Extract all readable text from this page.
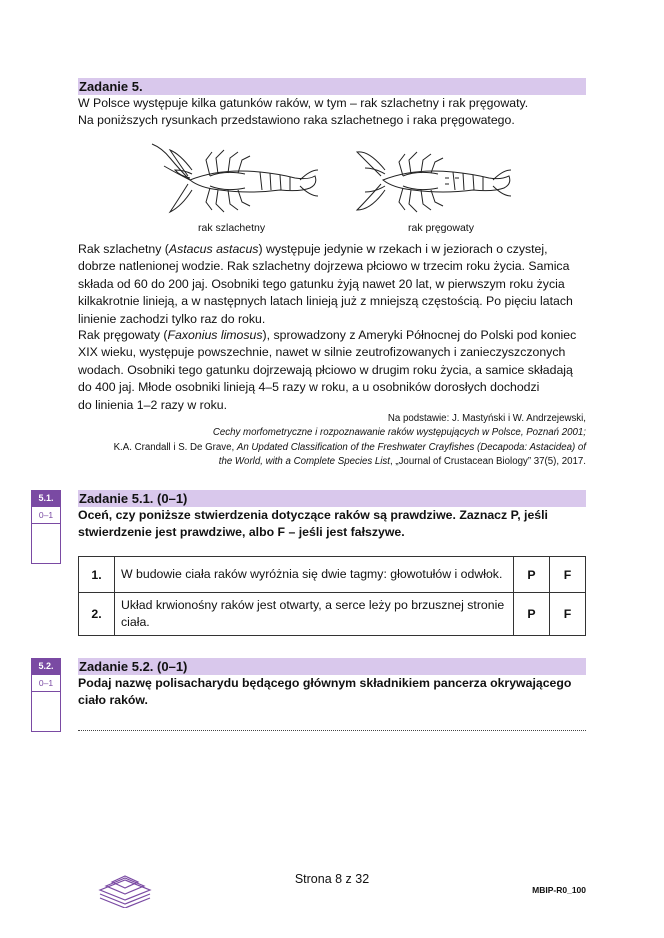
Zadanie 5.
W Polsce występuje kilka gatunków raków, w tym – rak szlachetny i rak pręgowaty.
Na poniższych rysunkach przedstawiono raka szlachetnego i raka pręgowatego.
rak szlachetny	rak pręgowaty
Rak szlachetny (Astacus astacus) występuje jedynie w rzekach i w jeziorach o czystej,
dobrze natlenionej wodzie. Rak szlachetny dojrzewa płciowo w trzecim roku życia. Samica
składa od 60 do 200 jaj. Osobniki tego gatunku żyją nawet 20 lat, w pierwszym roku życia
kilkakrotnie linieją, a w następnych latach linieją już z mniejszą częstością. Po pięciu latach
linienie zachodzi tylko raz do roku.
Rak pręgowaty (Faxonius limosus), sprowadzony z Ameryki Północnej do Polski pod koniec
XIX wieku, występuje powszechnie, nawet w silnie zeutrofizowanych i zanieczyszczonych
wodach. Osobniki tego gatunku dojrzewają płciowo w drugim roku życia, a samice składają
do 400 jaj. Młode osobniki linieją 4–5 razy w roku, a u osobników dorosłych dochodzi
do linienia 1–2 razy w roku.
Na podstawie: J. Mastyński i W. Andrzejewski,
Cechy morfometryczne i rozpoznawanie raków występujących w Polsce, Poznań 2001;
K.A. Crandall i S. De Grave, An Updated Classification of the Freshwater Crayfishes (Decapoda: Astacidea) of
the World, with a Complete Species List, „Journal of Crustacean Biology” 37(5), 2017.
5.1.
0–1
Zadanie 5.1. (0–1)
Oceń, czy poniższe stwierdzenia dotyczące raków są prawdziwe. Zaznacz P, jeśli
stwierdzenie jest prawdziwe, albo F – jeśli jest fałszywe.
1.	W budowie ciała raków wyróżnia się dwie tagmy: głowotułów i odwłok.	P	F
2.	Układ krwionośny raków jest otwarty, a serce leży po brzusznej stronie ciała.	P	F
5.2.
0–1
Zadanie 5.2. (0–1)
Podaj nazwę polisacharydu będącego głównym składnikiem pancerza okrywającego
ciało raków.
Strona 8 z 32
MBIP-R0_100
